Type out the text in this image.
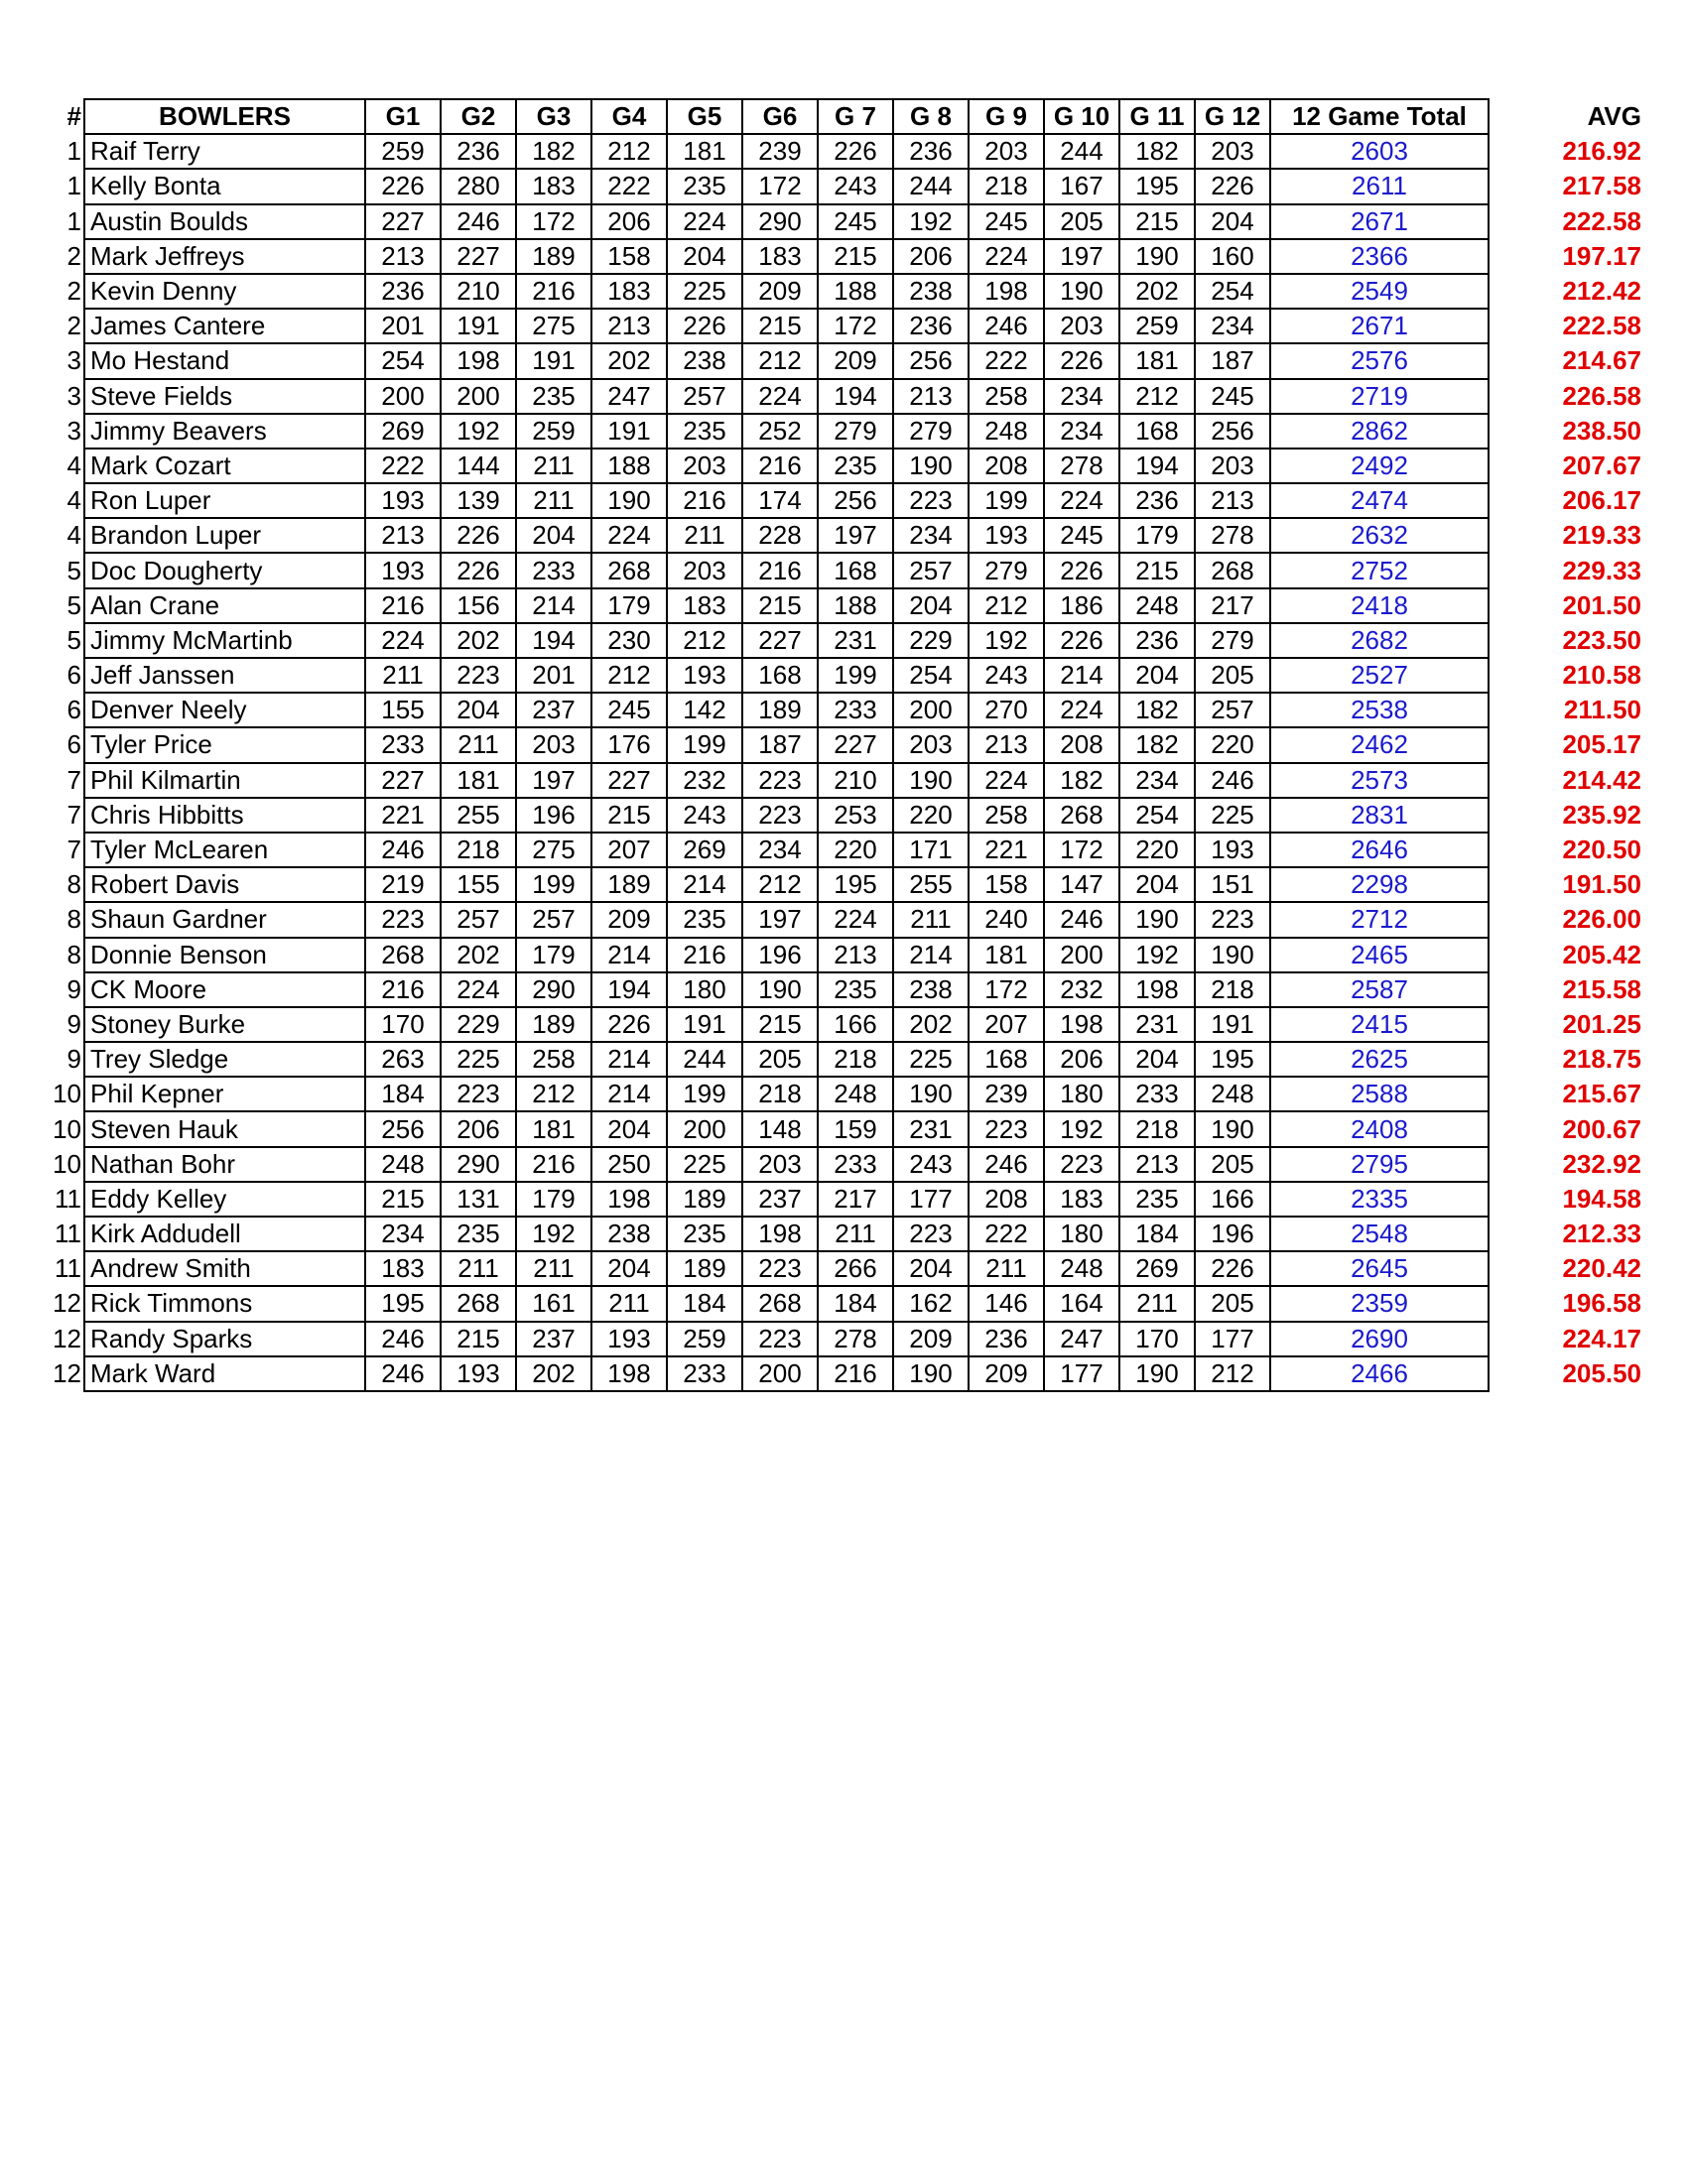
#	BOWLERS	G1	G2	G3	G4	G5	G6	G 7	G 8	G 9	G 10	G 11	G 12	12 Game Total		AVG
1	Raif Terry	259	236	182	212	181	239	226	236	203	244	182	203	2603		216.92
1	Kelly Bonta	226	280	183	222	235	172	243	244	218	167	195	226	2611		217.58
1	Austin Boulds	227	246	172	206	224	290	245	192	245	205	215	204	2671		222.58
2	Mark Jeffreys	213	227	189	158	204	183	215	206	224	197	190	160	2366		197.17
2	Kevin Denny	236	210	216	183	225	209	188	238	198	190	202	254	2549		212.42
2	James Cantere	201	191	275	213	226	215	172	236	246	203	259	234	2671		222.58
3	Mo Hestand	254	198	191	202	238	212	209	256	222	226	181	187	2576		214.67
3	Steve Fields	200	200	235	247	257	224	194	213	258	234	212	245	2719		226.58
3	Jimmy Beavers	269	192	259	191	235	252	279	279	248	234	168	256	2862		238.50
4	Mark Cozart	222	144	211	188	203	216	235	190	208	278	194	203	2492		207.67
4	Ron Luper	193	139	211	190	216	174	256	223	199	224	236	213	2474		206.17
4	Brandon Luper	213	226	204	224	211	228	197	234	193	245	179	278	2632		219.33
5	Doc Dougherty	193	226	233	268	203	216	168	257	279	226	215	268	2752		229.33
5	Alan Crane	216	156	214	179	183	215	188	204	212	186	248	217	2418		201.50
5	Jimmy McMartinb	224	202	194	230	212	227	231	229	192	226	236	279	2682		223.50
6	Jeff Janssen	211	223	201	212	193	168	199	254	243	214	204	205	2527		210.58
6	Denver Neely	155	204	237	245	142	189	233	200	270	224	182	257	2538		211.50
6	Tyler Price	233	211	203	176	199	187	227	203	213	208	182	220	2462		205.17
7	Phil Kilmartin	227	181	197	227	232	223	210	190	224	182	234	246	2573		214.42
7	Chris Hibbitts	221	255	196	215	243	223	253	220	258	268	254	225	2831		235.92
7	Tyler McLearen	246	218	275	207	269	234	220	171	221	172	220	193	2646		220.50
8	Robert Davis	219	155	199	189	214	212	195	255	158	147	204	151	2298		191.50
8	Shaun Gardner	223	257	257	209	235	197	224	211	240	246	190	223	2712		226.00
8	Donnie Benson	268	202	179	214	216	196	213	214	181	200	192	190	2465		205.42
9	CK Moore	216	224	290	194	180	190	235	238	172	232	198	218	2587		215.58
9	Stoney Burke	170	229	189	226	191	215	166	202	207	198	231	191	2415		201.25
9	Trey Sledge	263	225	258	214	244	205	218	225	168	206	204	195	2625		218.75
10	Phil Kepner	184	223	212	214	199	218	248	190	239	180	233	248	2588		215.67
10	Steven Hauk	256	206	181	204	200	148	159	231	223	192	218	190	2408		200.67
10	Nathan Bohr	248	290	216	250	225	203	233	243	246	223	213	205	2795		232.92
11	Eddy Kelley	215	131	179	198	189	237	217	177	208	183	235	166	2335		194.58
11	Kirk Addudell	234	235	192	238	235	198	211	223	222	180	184	196	2548		212.33
11	Andrew Smith	183	211	211	204	189	223	266	204	211	248	269	226	2645		220.42
12	Rick Timmons	195	268	161	211	184	268	184	162	146	164	211	205	2359		196.58
12	Randy Sparks	246	215	237	193	259	223	278	209	236	247	170	177	2690		224.17
12	Mark Ward	246	193	202	198	233	200	216	190	209	177	190	212	2466		205.50
